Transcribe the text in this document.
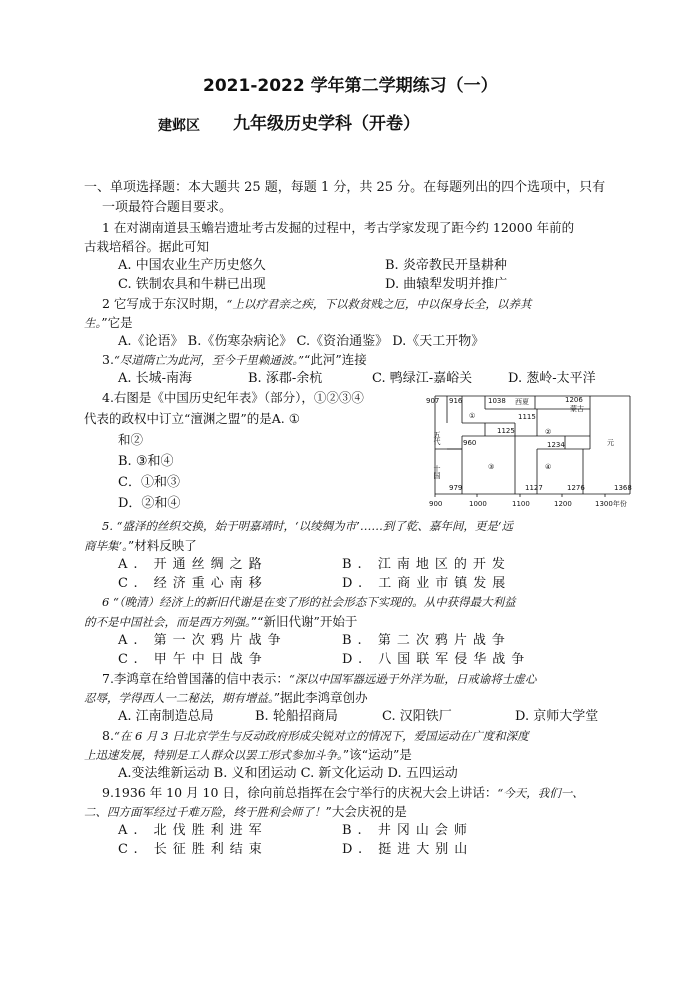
2021-2022 学年第二学期练习（一）
建邺区 九年级历史学科（开卷）
一、单项选择题：本大题共 25 题，每题 1 分，共 25 分。在每题列出的四个选项中，只有
一项最符合题目要求。
1 在对湖南道县玉蟾岩遗址考古发掘的过程中，考古学家发现了距今约 12000 年前的
古栽培稻谷。据此可知
A. 中国农业生产历史悠久	B. 炎帝教民开垦耕种
C. 铁制农具和牛耕已出现	D. 曲辕犁发明并推广
2 它写成于东汉时期，“上以疗君亲之疾，下以救贫贱之厄，中以保身长全，以养其
生。”它是
A.《论语》 B.《伤寒杂病论》 C.《资治通鉴》 D.《天工开物》
3.“尽道隋亡为此河，至今千里赖通波。”“此河”连接
A. 长城-南海	B. 涿郡-余杭	C. 鸭绿江-嘉峪关	D. 葱岭-太平洋
4.右图是《中国历史纪年表》（部分），①②③④
代表的政权中订立“澶渊之盟”的是A. ①
和②
B. ③和④
C．①和③
D．②和④
907 916	1038 西夏	1206
蒙古
①	1115
②
元
五代	960
1125
1234
十国	③	④
979	1127	1276	1368
900	1000	1100	1200	1300年份
5. “盛泽的丝织交换，始于明嘉靖时，‘以绫绸为市’……到了乾、嘉年间，更是‘远
商毕集’。”材料反映了
A. 开通丝绸之路	B. 江南地区的开发
C. 经济重心南移	D. 工商业市镇发展
6 “（晚清）经济上的新旧代谢是在变了形的社会形态下实现的。从中获得最大利益
的不是中国社会，而是西方列强。”“新旧代谢”开始于
A. 第一次鸦片战争	B. 第二次鸦片战争
C. 甲午中日战争	D. 八国联军侵华战争
7.李鸿章在给曾国藩的信中表示：“深以中国军器远逊于外洋为耻，日戒谕将士虚心
忍辱，学得西人一二秘法，期有增益。”据此李鸿章创办
A. 江南制造总局	B. 轮船招商局	C. 汉阳铁厂	D. 京师大学堂
8.“在 6 月 3 日北京学生与反动政府形成尖锐对立的情况下，爱国运动在广度和深度
上迅速发展，特别是工人群众以罢工形式参加斗争。”该“运动”是
A.变法维新运动 B. 义和团运动 C. 新文化运动 D. 五四运动
9.1936 年 10 月 10 日，徐向前总指挥在会宁举行的庆祝大会上讲话：“今天，我们一、
二、四方面军经过千难万险，终于胜利会师了！”大会庆祝的是
A. 北伐胜利进军	B. 井冈山会师
C. 长征胜利结束	D. 挺进大别山
